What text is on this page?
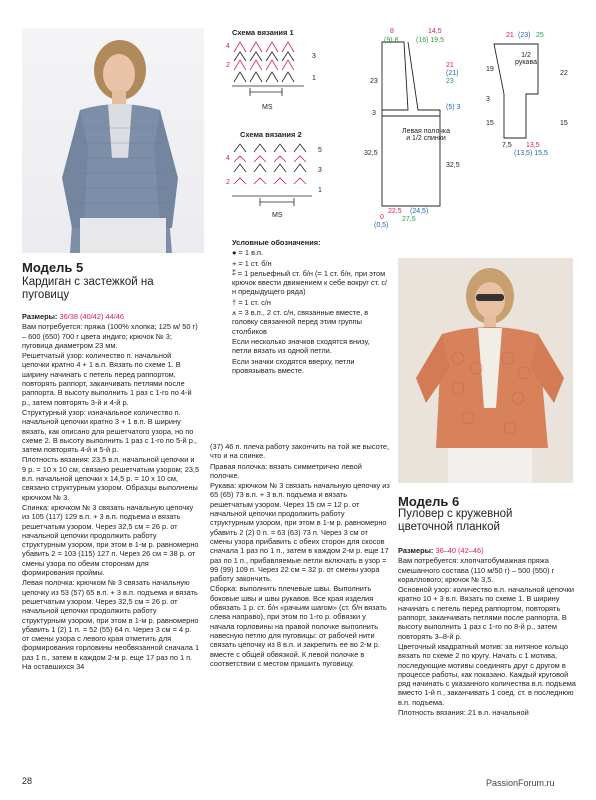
Модель 5
Кардиган с застежкой на пуговицу

Размеры: 36/38 (40/42) 44/46

Вам потребуется: пряжа (100% хлопка; 125 м/ 50 г) – 600 (650) 700 г цвета индиго; крючок № 3; пуговица диаметром 23 мм.

Решетчатый узор: количество п. начальной цепочки кратно 4 + 1 в.п. Вязать по схеме 1. В ширину начинать с петель перед раппортом, повторять раппорт, заканчивать петлями после раппорта. В высоту выполнить 1 раз с 1-го по 4-й р., затем повторять 3-й и 4-й р.

Структурный узор: изначальное количество п. начальной цепочки кратно 3 + 1 в.п. В ширину вязать, как описано для решетчатого узора, но по схеме 2. В высоту выполнить 1 раз с 1-го по 5-й р., затем повторять 4-й и 5-й р.

Плотность вязания: 23,5 в.п. начальной цепочки и 9 р. = 10 х 10 см, связано решетчатым узором; 23,5 в.п. начальной цепочки х 14,5 р. = 10 х 10 см, связано структурным узором. Образцы выполнены крючком № 3.

Спинка: крючком № 3 связать начальную цепочку из 105 (117) 129 в.п. + 3 в.п. подъема и вязать решетчатым узором. Через 32,5 см = 26 р. от начальной цепочки продолжить работу структурным узором, при этом в 1-м р. равномерно убавить 2 = 103 (115) 127 п. Через 26 см = 38 р. от смены узора по обеим сторонам для формирования проймы.

Левая полочка: крючком № 3 связать начальную цепочку из 53 (57) 65 в.п. + 3 в.п. подъема и вязать решетчатым узором. Через 32,5 см = 26 р. от начальной цепочки продолжить работу структурным узором, при этом в 1-м р. равномерно убавить 1 (2) 1 п. = 52 (55) 64 п. Через 3 см = 4 р. от смены узора с левого края отметить для формирования горловины необвязанной сначала 1 раз 1 п., затем в каждом 2-м р. еще 17 раз по 1 п. На оставшихся 34

Схема вязания 1
4
2
3
1
MS
Схема вязания 2
4
2
5
3
1
MS

Условные обозначения:

● = 1 в.п.

+ = 1 ст. б/н

⁑ = 1 рельефный ст. б/н (= 1 ст. б/н, при этом крючок ввести движением к себе вокруг ст. с/н предыдущего ряда)

† = 1 ст. с/н

⩚ = 3 в.п., 2 ст. с/н, связанные вместе, в головку связанной перед этим группы столбиков

Если несколько значков сходятся внизу, петли вязать из одной петли.

Если значки сходятся вверху, петли провязывать вместе.

8	14,5
(9) 8	(16) 19,5
23
3
32,5
Левая полочка и 1/2 спинки
21
(21)
23
(5) 3
32,5
22,5 (24,5)
27,5
0
(0,5)
21 (23) 25
1/2 рукава
19
22
3
15	15
7,5 13,5
(13,5) 15,5

(37) 46 п. плеча работу закончить на той же высоте, что и на спинке.

Правая полочка: вязать симметрично левой полочке.

Рукава: крючком № 3 связать начальную цепочку из 65 (65) 73 в.п. + 3 в.п. подъема и вязать решетчатым узором. Через 15 см = 12 р. от начальной цепочки продолжить работу структурным узором, при этом в 1-м р. равномерно убавить 2 (2) 0 п. = 63 (63) 73 п. Через 3 см от смены узора прибавить с обеих сторон для скосов сначала 1 раз по 1 п., затем в каждом 2-м р. еще 17 раз по 1 п., прибавляемые петли включать в узор = 99 (99) 109 п. Через 22 см = 32 р. от смены узора работу закончить.

Сборка: выполнить плечевые швы. Выполнить боковые швы и швы рукавов. Все края изделия обвязать 1 р. ст. б/н «рачьим шагом» (ст. б/н вязать слева направо), при этом по 1-го р. обвязки у начала горловины на правой полочке выполнить навесную петлю для пуговицы: от рабочей нити связать цепочку из 8 в.п. и закрепить ее во 2-м р. вместе с общей обвязкой. К левой полочке в соответствии с местом пришить пуговицу.

Модель 6
Пуловер с кружевной цветочной планкой

Размеры: 36–40 (42–46)

Вам потребуется: хлопчатобумажная пряжа смешанного состава (110 м/50 г) – 500 (550) г кораллового; крючок № 3,5.

Основной узор: количество в.п. начальной цепочки кратно 10 + 3 в.п. Вязать по схеме 1. В ширину начинать с петель перед раппортом, повторять раппорт, заканчивать петлями после раппорта. В высоту выполнить 1 раз с 1-го по 8-й р., затем повторять 3–8-й р.

Цветочный квадратный мотив: за нитяное кольцо вязать по схеме 2 по кругу. Начать с 1 мотива, последующие мотивы соединять друг с другом в процессе работы, как показано. Каждый круговой ряд начинать с указанного количества в.п. подъема вместо 1-й п., заканчивать 1 соед. ст. в последнюю в.п. подъема.

Плотность вязания: 21 в.п. начальной

28	PassionForum.ru
